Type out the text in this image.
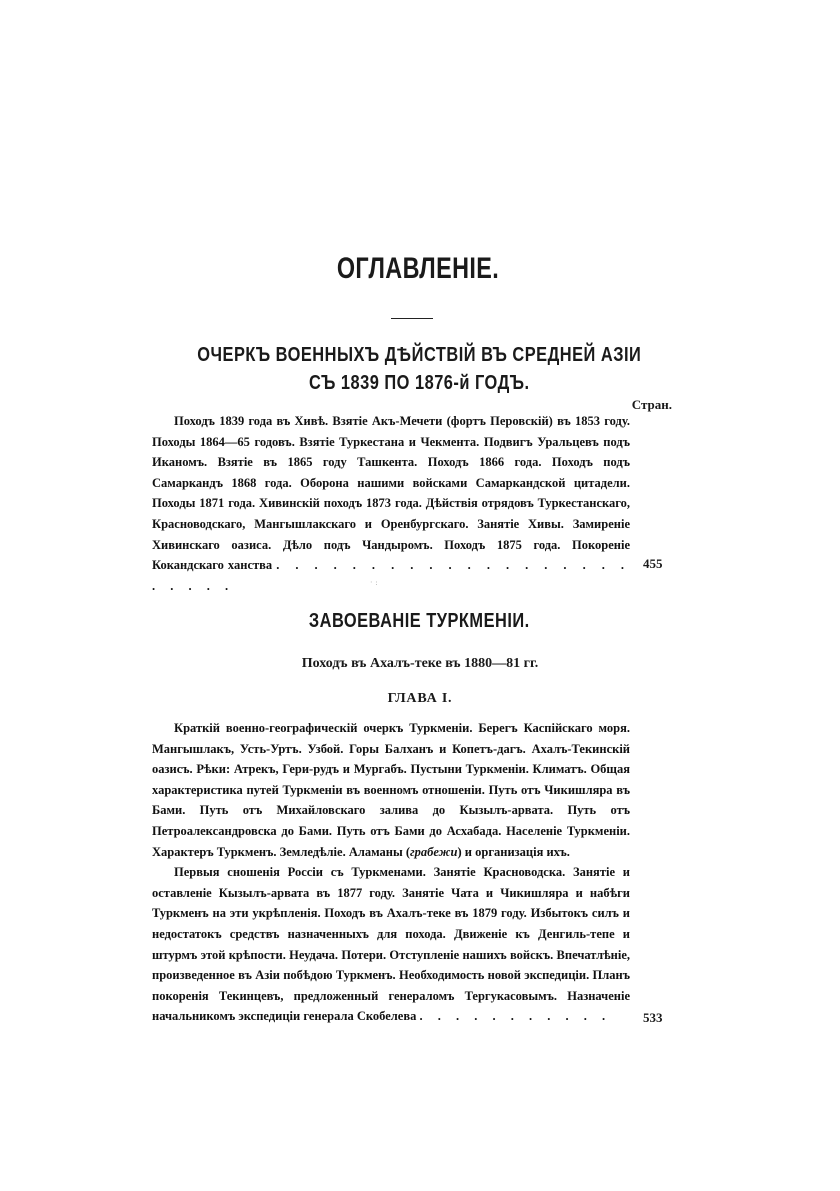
ОГЛАВЛЕНІЕ.
ОЧЕРКЪ ВОЕННЫХЪ ДѢЙСТВІЙ ВЪ СРЕДНЕЙ АЗІИ
СЪ 1839 ПО 1876-й ГОДЪ.
Стран.

Походъ 1839 года въ Хивѣ. Взятіе Акъ-Мечети (фортъ Перовскій) въ 1853 году. Походы 1864—65 годовъ. Взятіе Туркестана и Чекмента. Подвигъ Уральцевъ подъ Иканомъ. Взятіе въ 1865 году Ташкента. Походъ 1866 года. Походъ подъ Самаркандъ 1868 года. Оборона нашими войсками Самаркандской цитадели. Походы 1871 года. Хивинскій походъ 1873 года. Дѣйствія отрядовъ Туркестанскаго, Красноводскаго, Мангышлакскаго и Оренбургскаго. Занятіе Хивы. Замиреніе Хивинскаго оазиса. Дѣло подъ Чандыромъ. Походъ 1875 года. Покореніе Кокандскаго ханства . . . . . . . . . . . . . . . . . . . . . . . .

455
· :
ЗАВОЕВАНІЕ ТУРКМЕНІИ.
Походъ въ Ахалъ-теке въ 1880—81 гг.
ГЛАВА I.

Краткій военно-географическій очеркъ Туркменіи. Берегъ Каспійскаго моря. Мангышлакъ, Усть-Уртъ. Узбой. Горы Балханъ и Копетъ-дагъ. Ахалъ-Текинскій оазисъ. Рѣки: Атрекъ, Гери-рудъ и Мургабъ. Пустыни Туркменіи. Климатъ. Общая характеристика путей Туркменіи въ военномъ отношеніи. Путь отъ Чикишляра въ Бами. Путь отъ Михайловскаго залива до Кызылъ-арвата. Путь отъ Петроалександровска до Бами. Путь отъ Бами до Асхабада. Населеніе Туркменіи. Характеръ Туркменъ. Земледѣліе. Аламаны (грабежи) и организація ихъ.

Первыя сношенія Россіи съ Туркменами. Занятіе Красноводска. Занятіе и оставленіе Кызылъ-арвата въ 1877 году. Занятіе Чата и Чикишляра и набѣги Туркменъ на эти укрѣпленія. Походъ въ Ахалъ-теке въ 1879 году. Избытокъ силъ и недостатокъ средствъ назначенныхъ для похода. Движеніе къ Денгиль-тепе и штурмъ этой крѣпости. Неудача. Потери. Отступленіе нашихъ войскъ. Впечатлѣніе, произведенное въ Азіи побѣдою Туркменъ. Необходимость новой экспедиціи. Планъ покоренія Текинцевъ, предложенный генераломъ Тергукасовымъ. Назначеніе начальникомъ экспедиціи генерала Скобелева . . . . . . . . . . .	533
